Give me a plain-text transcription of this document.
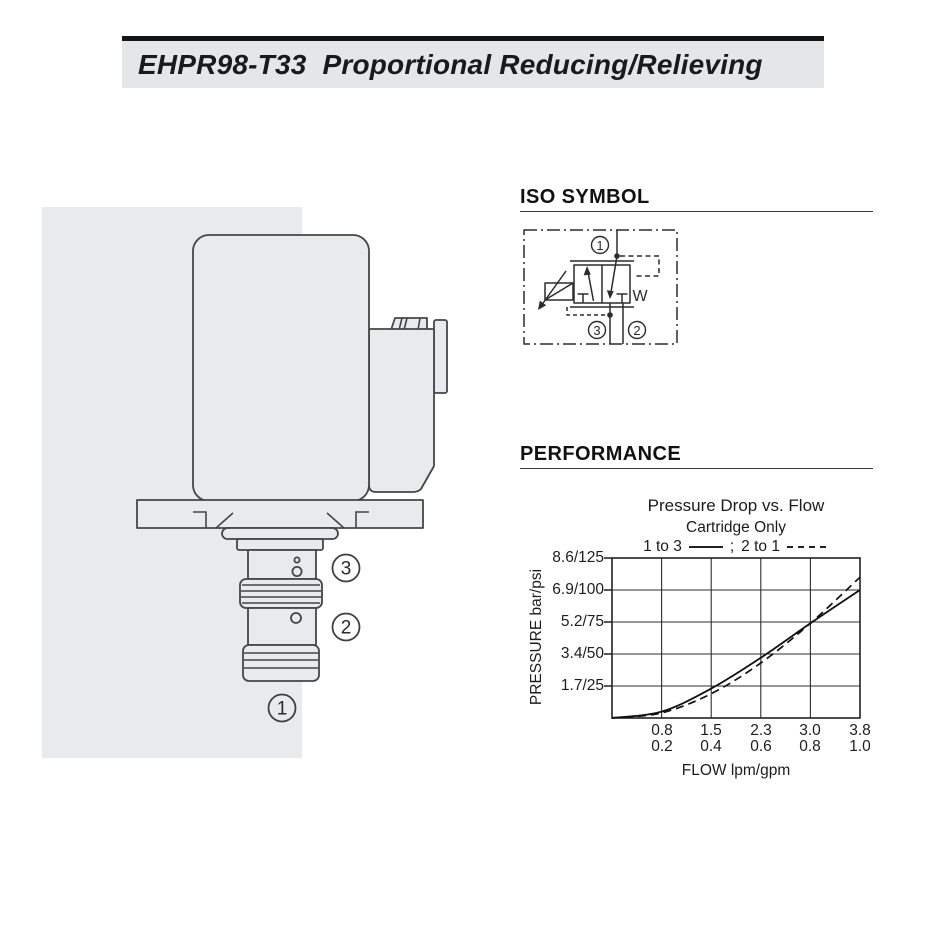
3
2
1
W
1
3	2
EHPR98-T33  Proportional Reducing/Relieving
ISO SYMBOL
PERFORMANCE
Pressure Drop vs. Flow
Cartridge Only
1 to 3	; 2 to 1
8.6/125
6.9/100
5.2/75
3.4/50
1.7/25
0.8	1.5	2.3	3.0	3.8
0.2	0.4	0.6	0.8	1.0
PRESSURE bar/psi
FLOW lpm/gpm
